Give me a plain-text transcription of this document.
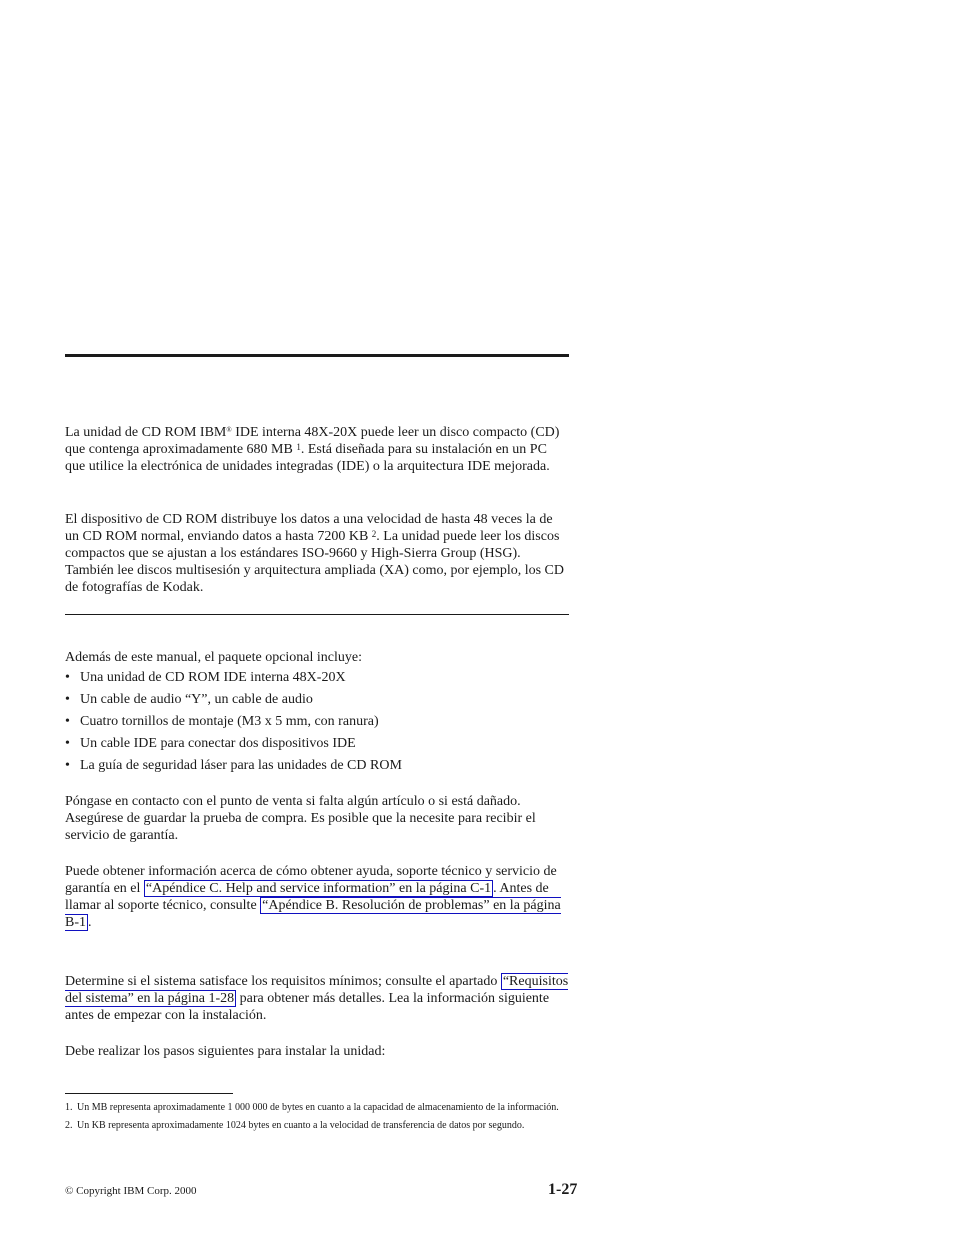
La unidad de CD ROM IBM® IDE interna 48X-20X puede leer un disco compacto (CD) que contenga aproximadamente 680 MB $^1$. Está diseñada para su instalación en un PC que utilice la electrónica de unidades integradas (IDE) o la arquitectura IDE mejorada.

El dispositivo de CD ROM distribuye los datos a una velocidad de hasta 48 veces la de un CD ROM normal, enviando datos a hasta 7200 KB $^2$. La unidad puede leer los discos compactos que se ajustan a los estándares ISO-9660 y High-Sierra Group (HSG). También lee discos multisesión y arquitectura ampliada (XA) como, por ejemplo, los CD de fotografías de Kodak.

Además de este manual, el paquete opcional incluye:

• Una unidad de CD ROM IDE interna 48X-20X
• Un cable de audio “Y”, un cable de audio
• Cuatro tornillos de montaje (M3 x 5 mm, con ranura)
• Un cable IDE para conectar dos dispositivos IDE
• La guía de seguridad láser para las unidades de CD ROM

Póngase en contacto con el punto de venta si falta algún artículo o si está dañado. Asegúrese de guardar la prueba de compra. Es posible que la necesite para recibir el servicio de garantía.

Puede obtener información acerca de cómo obtener ayuda, soporte técnico y servicio de garantía en el “Apéndice C. Help and service information” en la página C-1 . Antes de llamar al soporte técnico, consulte “Apéndice B. Resolución de problemas” en la página B-1 .

Determine si el sistema satisface los requisitos mínimos; consulte el apartado “Requisitos del sistema” en la página 1-28 para obtener más detalles. Lea la información siguiente antes de empezar con la instalación.

Debe realizar los pasos siguientes para instalar la unidad:

1. Un MB representa aproximadamente 1 000 000 de bytes en cuanto a la capacidad de almacenamiento de la información.
2. Un KB representa aproximadamente 1024 bytes en cuanto a la velocidad de transferencia de datos por segundo.
© Copyright IBM Corp. 2000	1-27
